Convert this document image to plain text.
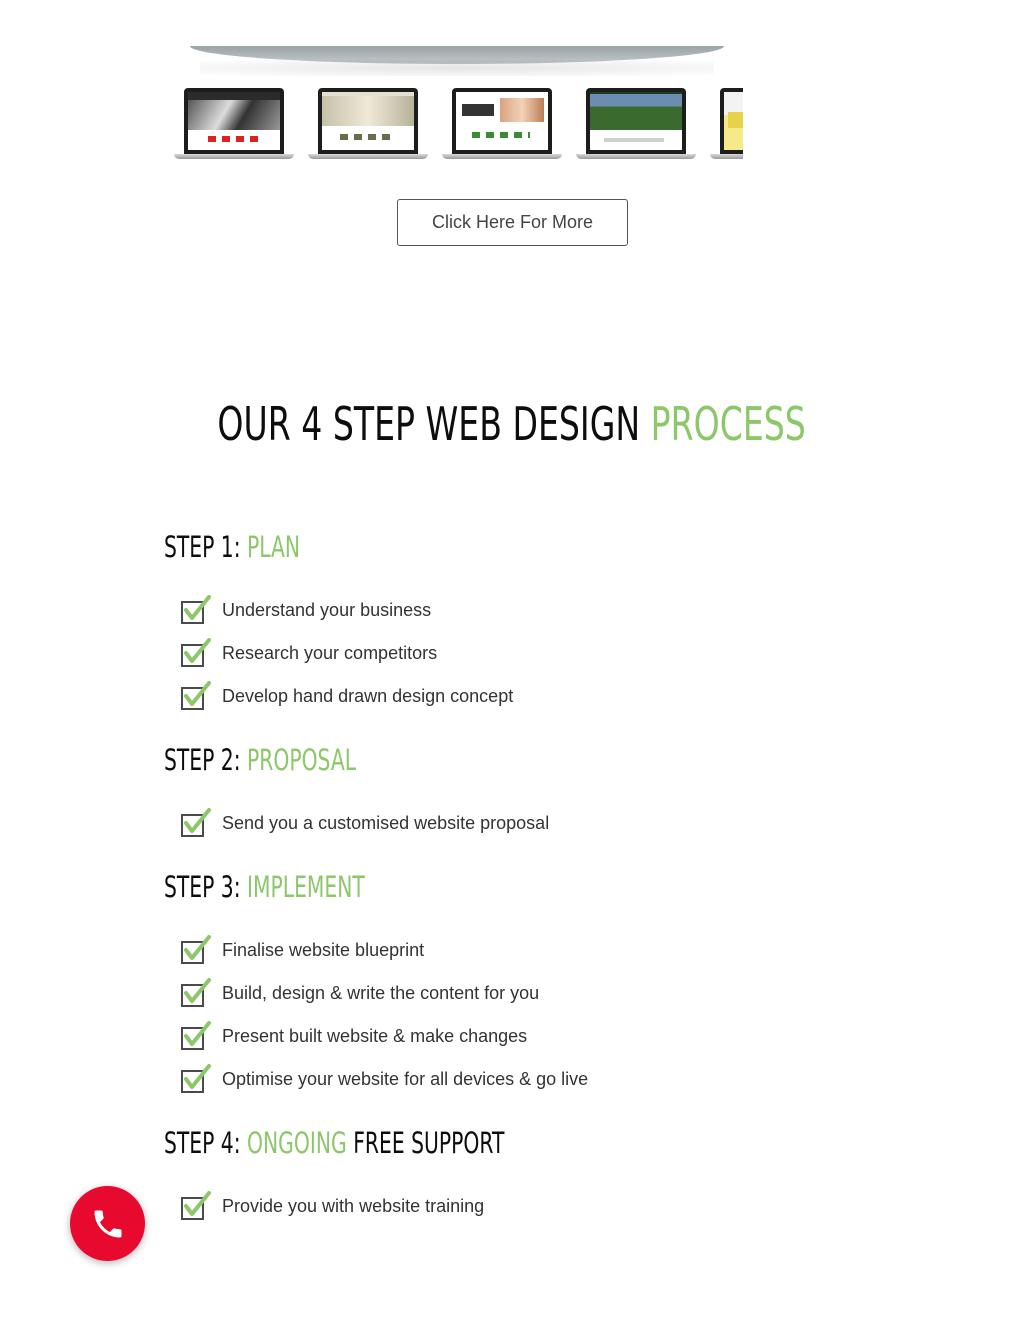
Click Here For More
OUR 4 STEP WEB DESIGN PROCESS
STEP 1: PLAN
Understand your business
Research your competitors
Develop hand drawn design concept
STEP 2: PROPOSAL
Send you a customised website proposal
STEP 3: IMPLEMENT
Finalise website blueprint
Build, design & write the content for you
Present built website & make changes
Optimise your website for all devices & go live
STEP 4: ONGOING FREE SUPPORT
Provide you with website training
